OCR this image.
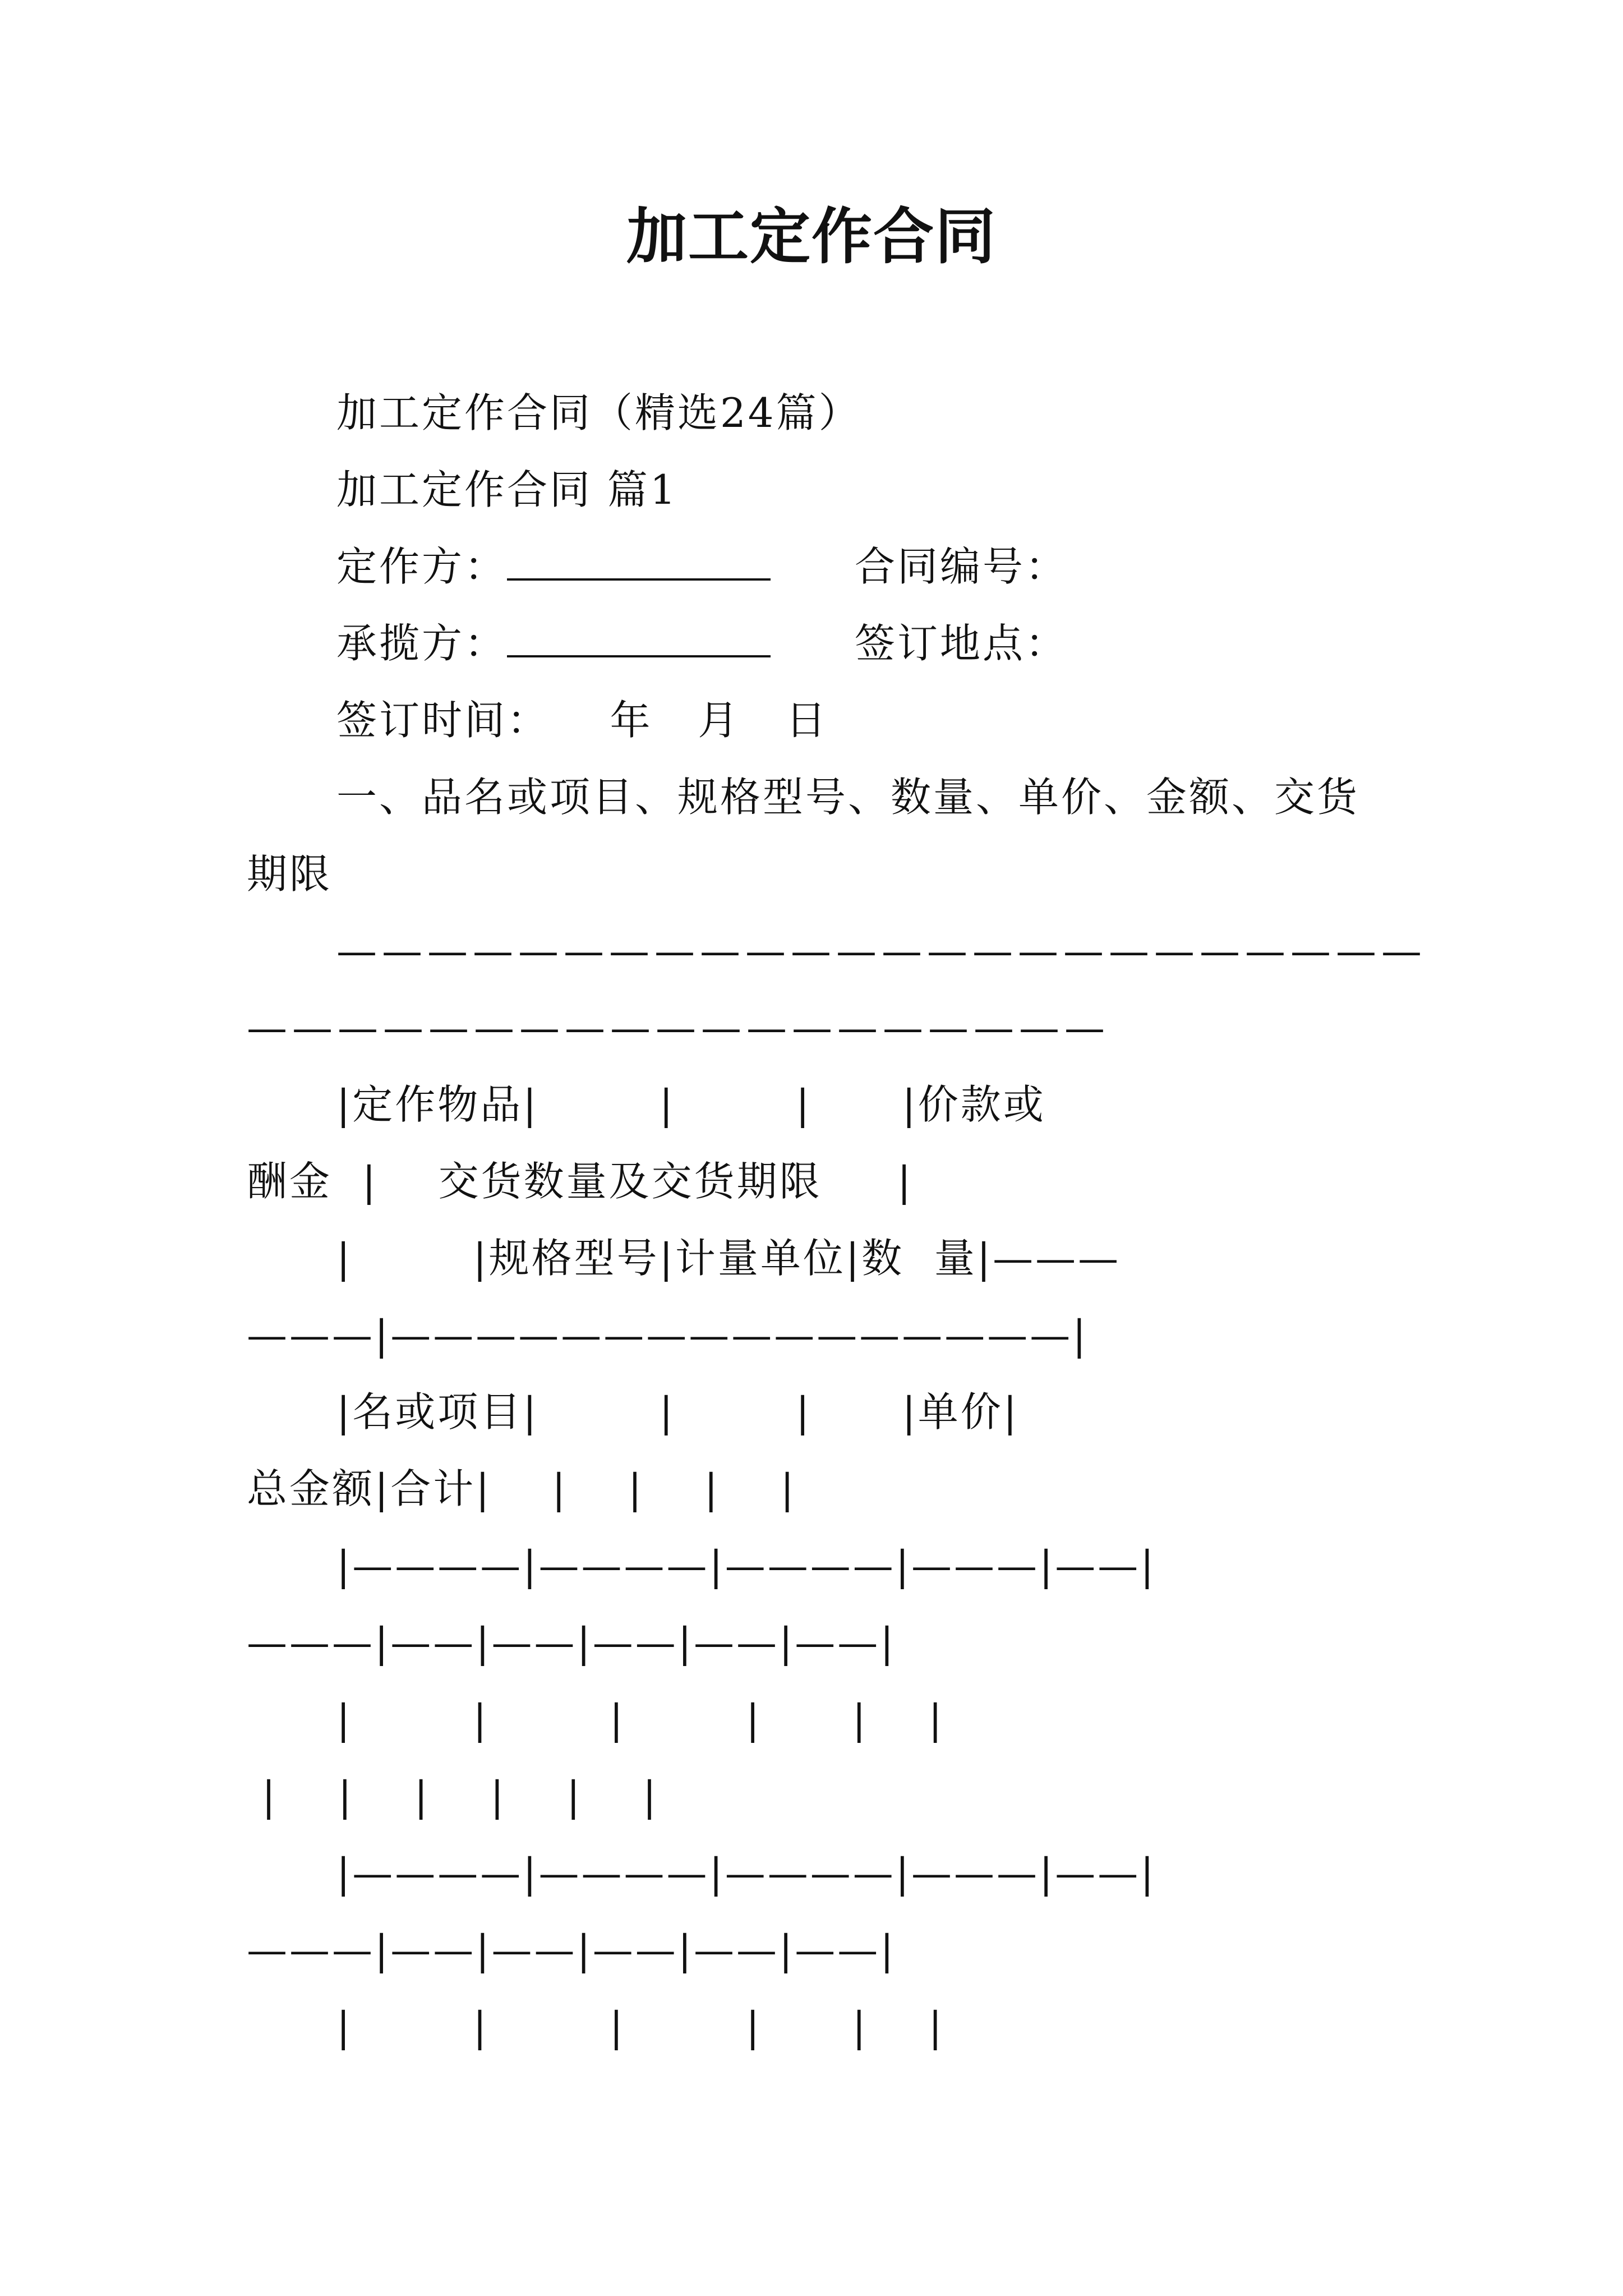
加工定作合同
加工定作合同（精选24篇）
加工定作合同 篇1
定作方：	合同编号：
承揽方：	签订地点：
签订时间：    年   月   日
一、品名或项目、规格型号、数量、单价、金额、交货
期限
————————————————————————
———————————————————
|定作物品|        |        |      |价款或
酬金  |    交货数量及交货期限     |
|        |规格型号|计量单位|数  量|———
———|————————————————|
|名或项目|        |        |      |单价|
总金额|合计|    |    |    |    |
|————|————|————|———|——|
———|——|——|——|——|——|
|        |        |        |      |    |
|    |    |    |    |    |
|————|————|————|———|——|
———|——|——|——|——|——|
|        |        |        |      |    |
